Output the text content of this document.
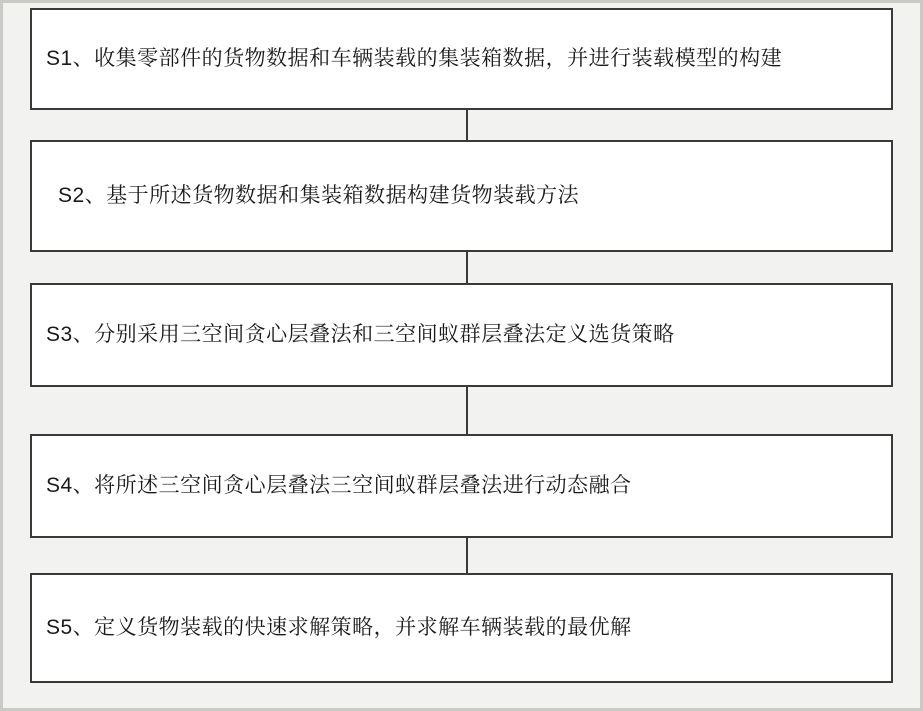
S1、收集零部件的货物数据和车辆装载的集装箱数据，并进行装载模型的构建
S2、基于所述货物数据和集装箱数据构建货物装载方法
S3、分别采用三空间贪心层叠法和三空间蚁群层叠法定义选货策略
S4、将所述三空间贪心层叠法三空间蚁群层叠法进行动态融合
S5、定义货物装载的快速求解策略，并求解车辆装载的最优解
